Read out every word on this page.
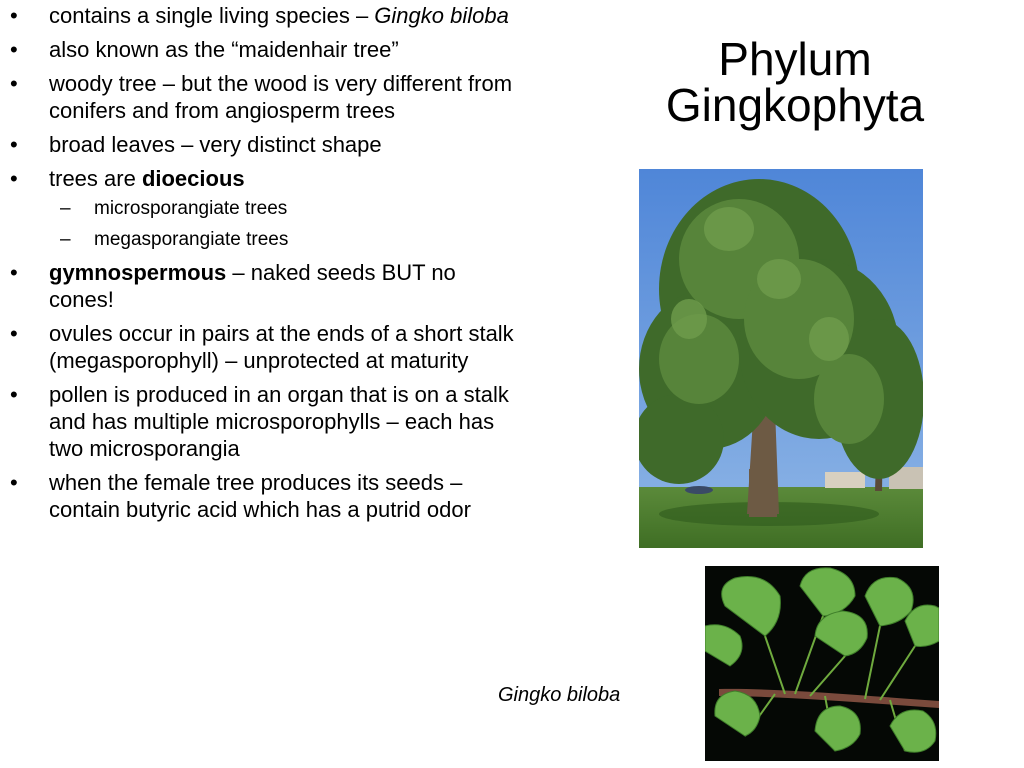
• contains a single living species – Gingko biloba
• also known as the “maidenhair tree”
• woody tree – but the wood is very different from conifers and from angiosperm trees
• broad leaves – very distinct shape
• trees are dioecious
– microsporangiate trees
– megasporangiate trees
• gymnospermous – naked seeds BUT no cones!
• ovules occur in pairs at the ends of a short stalk (megasporophyll) – unprotected at maturity
• pollen is produced in an organ that is on a stalk and has multiple microsporophylls – each has two microsporangia
• when the female tree produces its seeds – contain butyric acid which has a putrid odor
Phylum
Gingkophyta
Gingko biloba
